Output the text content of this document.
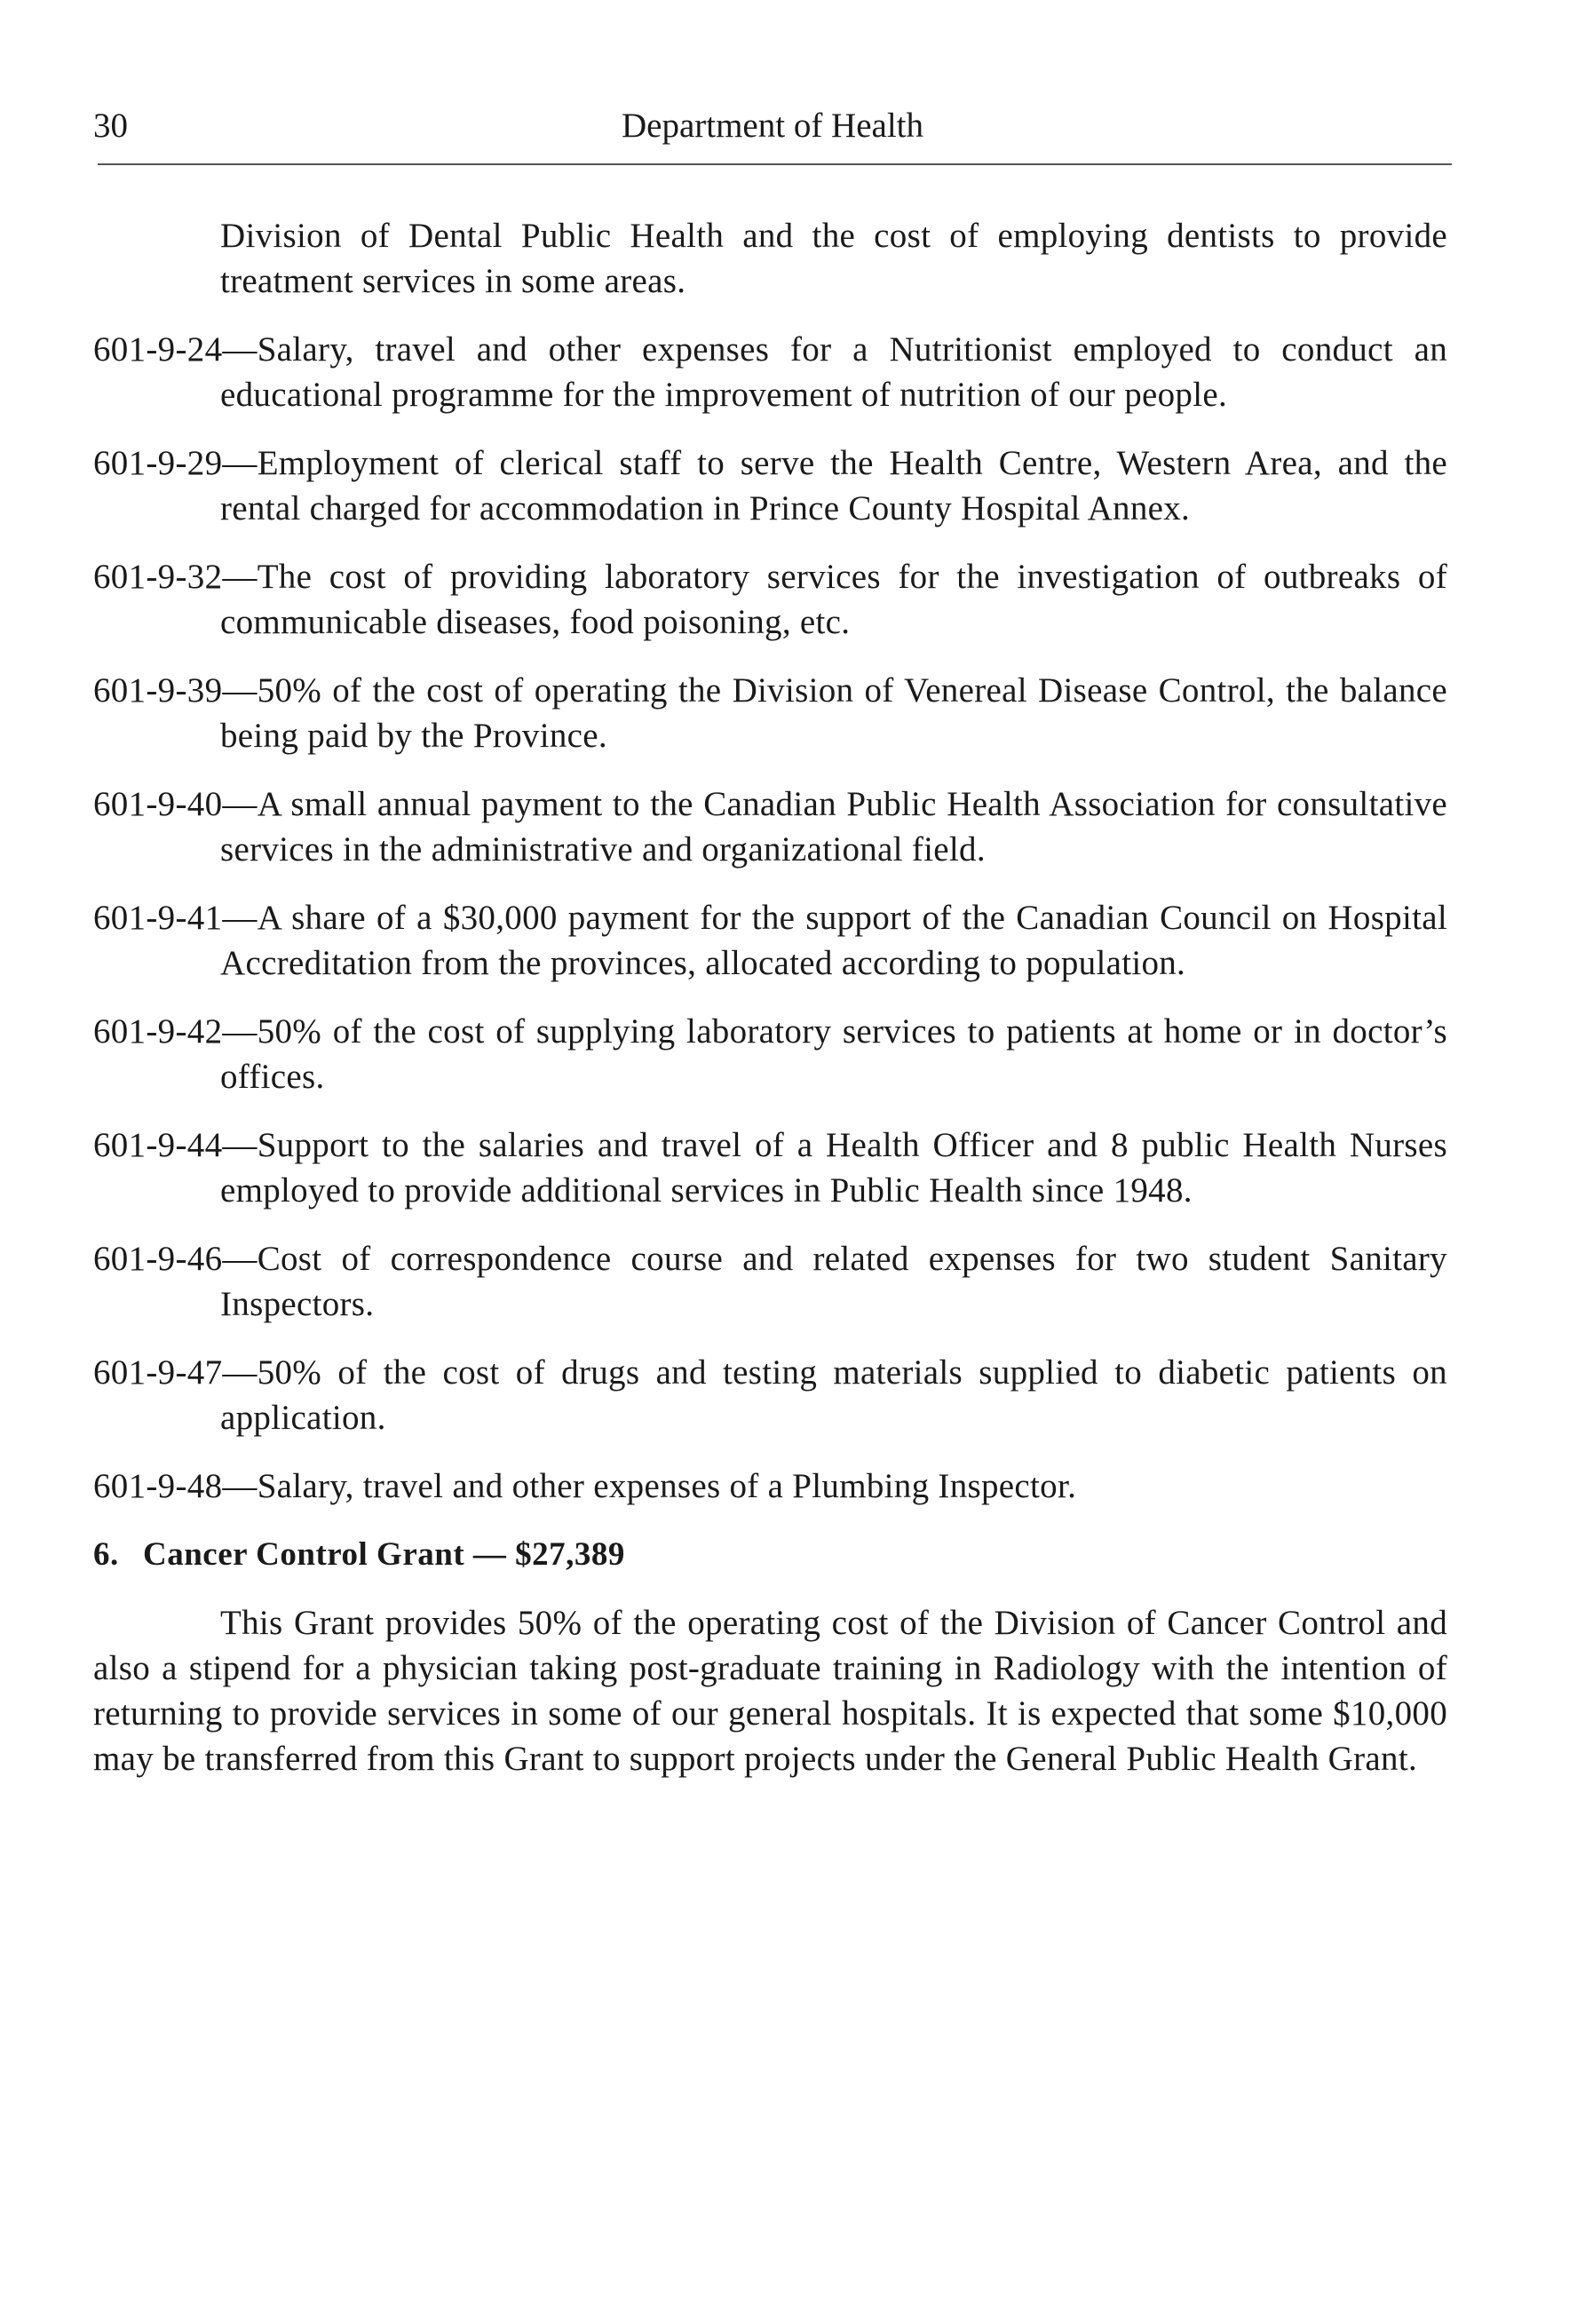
30	Department of Health

Division of Dental Public Health and the cost of employing dentists to provide treatment services in some areas.

601-9-24—Salary, travel and other expenses for a Nutritionist employed to conduct an educational programme for the improvement of nutrition of our people.

601-9-29—Employment of clerical staff to serve the Health Centre, Western Area, and the rental charged for accommodation in Prince County Hospital Annex.

601-9-32—The cost of providing laboratory services for the investigation of outbreaks of communicable diseases, food poisoning, etc.

601-9-39—50% of the cost of operating the Division of Venereal Disease Control, the balance being paid by the Province.

601-9-40—A small annual payment to the Canadian Public Health Association for consultative services in the administrative and organizational field.

601-9-41—A share of a $30,000 payment for the support of the Canadian Council on Hospital Accreditation from the provinces, allocated according to population.

601-9-42—50% of the cost of supplying laboratory services to patients at home or in doctor’s offices.

601-9-44—Support to the salaries and travel of a Health Officer and 8 public Health Nurses employed to provide additional services in Public Health since 1948.

601-9-46—Cost of correspondence course and related expenses for two student Sanitary Inspectors.

601-9-47—50% of the cost of drugs and testing materials supplied to diabetic patients on application.

601-9-48—Salary, travel and other expenses of a Plumbing Inspector.

6. Cancer Control Grant — $27,389

This Grant provides 50% of the operating cost of the Division of Cancer Control and also a stipend for a physician taking post-graduate training in Radiology with the intention of returning to provide services in some of our general hospitals. It is expected that some $10,000 may be transferred from this Grant to support projects under the General Public Health Grant.
